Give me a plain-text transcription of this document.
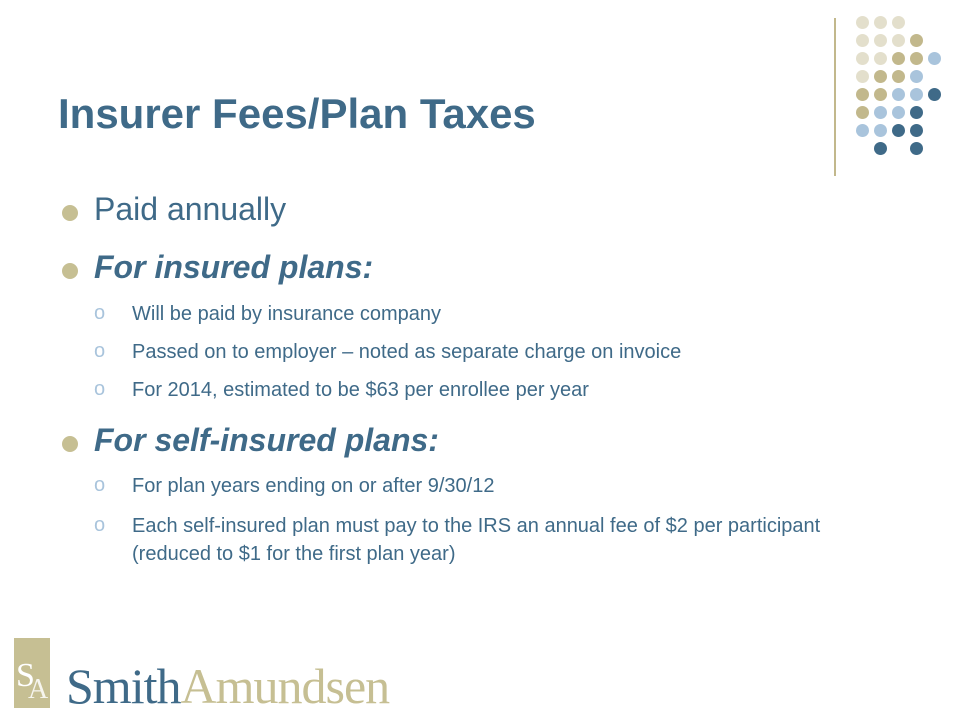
Insurer Fees/Plan Taxes
Paid annually
For insured plans:
o Will be paid by insurance company
o Passed on to employer – noted as separate charge on invoice
o For 2014, estimated to be $63 per enrollee per year
For self-insured plans:
o For plan years ending on or after 9/30/12
o Each self-insured plan must pay to the IRS an annual fee of $2 per participant (reduced to $1 for the first plan year)
S
A SmithAmundsen
